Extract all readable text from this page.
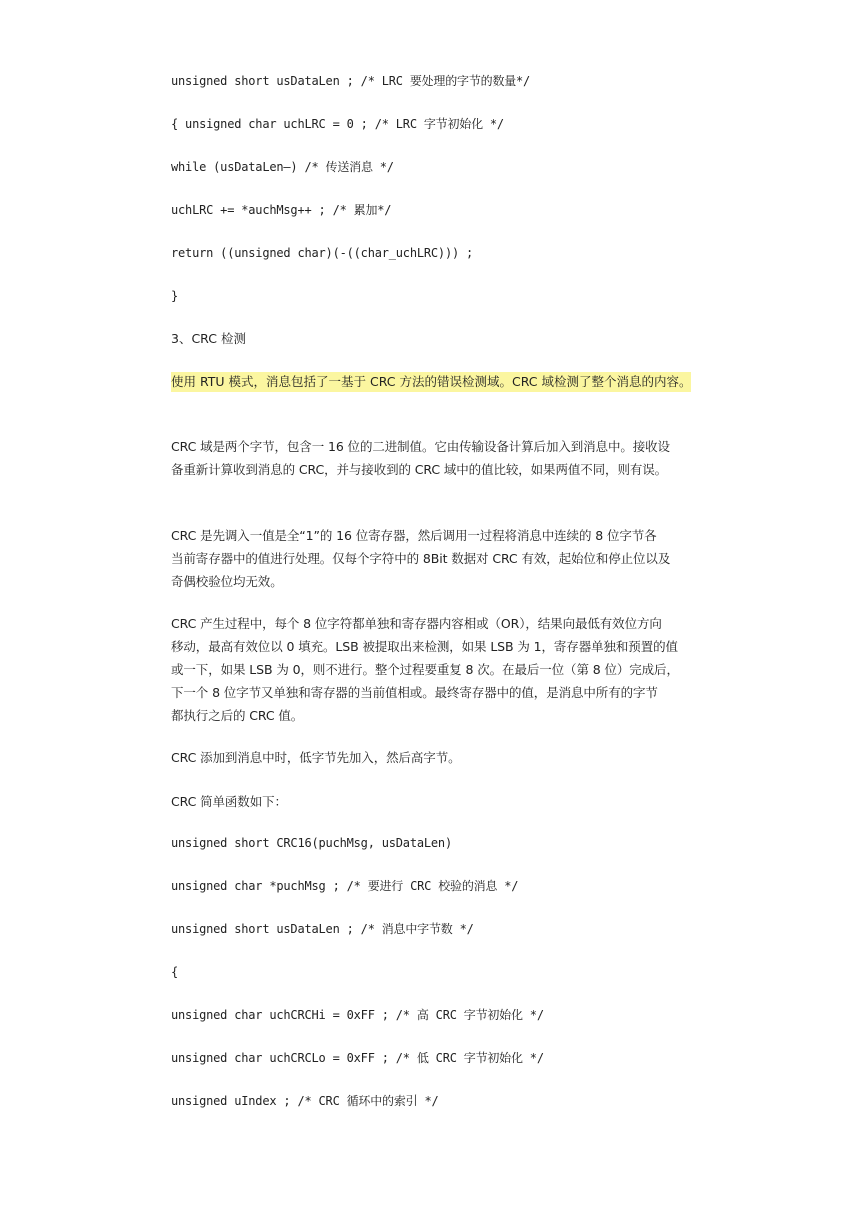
unsigned short usDataLen ; /* LRC 要处理的字节的数量*/
{ unsigned char uchLRC = 0 ; /* LRC 字节初始化 */
while (usDataLen—) /* 传送消息 */
uchLRC += *auchMsg++ ; /* 累加*/
return ((unsigned char)(-((char_uchLRC))) ;
}
3、CRC 检测
使用 RTU 模式，消息包括了一基于 CRC 方法的错误检测域。CRC 域检测了整个消息的内容。
CRC 域是两个字节，包含一 16 位的二进制值。它由传输设备计算后加入到消息中。接收设
备重新计算收到消息的 CRC，并与接收到的 CRC 域中的值比较，如果两值不同，则有误。
CRC 是先调入一值是全“1”的 16 位寄存器，然后调用一过程将消息中连续的 8 位字节各
当前寄存器中的值进行处理。仅每个字符中的 8Bit 数据对 CRC 有效，起始位和停止位以及
奇偶校验位均无效。
CRC 产生过程中，每个 8 位字符都单独和寄存器内容相或（OR），结果向最低有效位方向
移动，最高有效位以 0 填充。LSB 被提取出来检测，如果 LSB 为 1，寄存器单独和预置的值
或一下，如果 LSB 为 0，则不进行。整个过程要重复 8 次。在最后一位（第 8 位）完成后，
下一个 8 位字节又单独和寄存器的当前值相或。最终寄存器中的值，是消息中所有的字节
都执行之后的 CRC 值。
CRC 添加到消息中时，低字节先加入，然后高字节。
CRC 简单函数如下：
unsigned short CRC16(puchMsg, usDataLen)
unsigned char *puchMsg ; /* 要进行 CRC 校验的消息 */
unsigned short usDataLen ; /* 消息中字节数 */
{
unsigned char uchCRCHi = 0xFF ; /* 高 CRC 字节初始化 */
unsigned char uchCRCLo = 0xFF ; /* 低 CRC 字节初始化 */
unsigned uIndex ; /* CRC 循环中的索引 */
